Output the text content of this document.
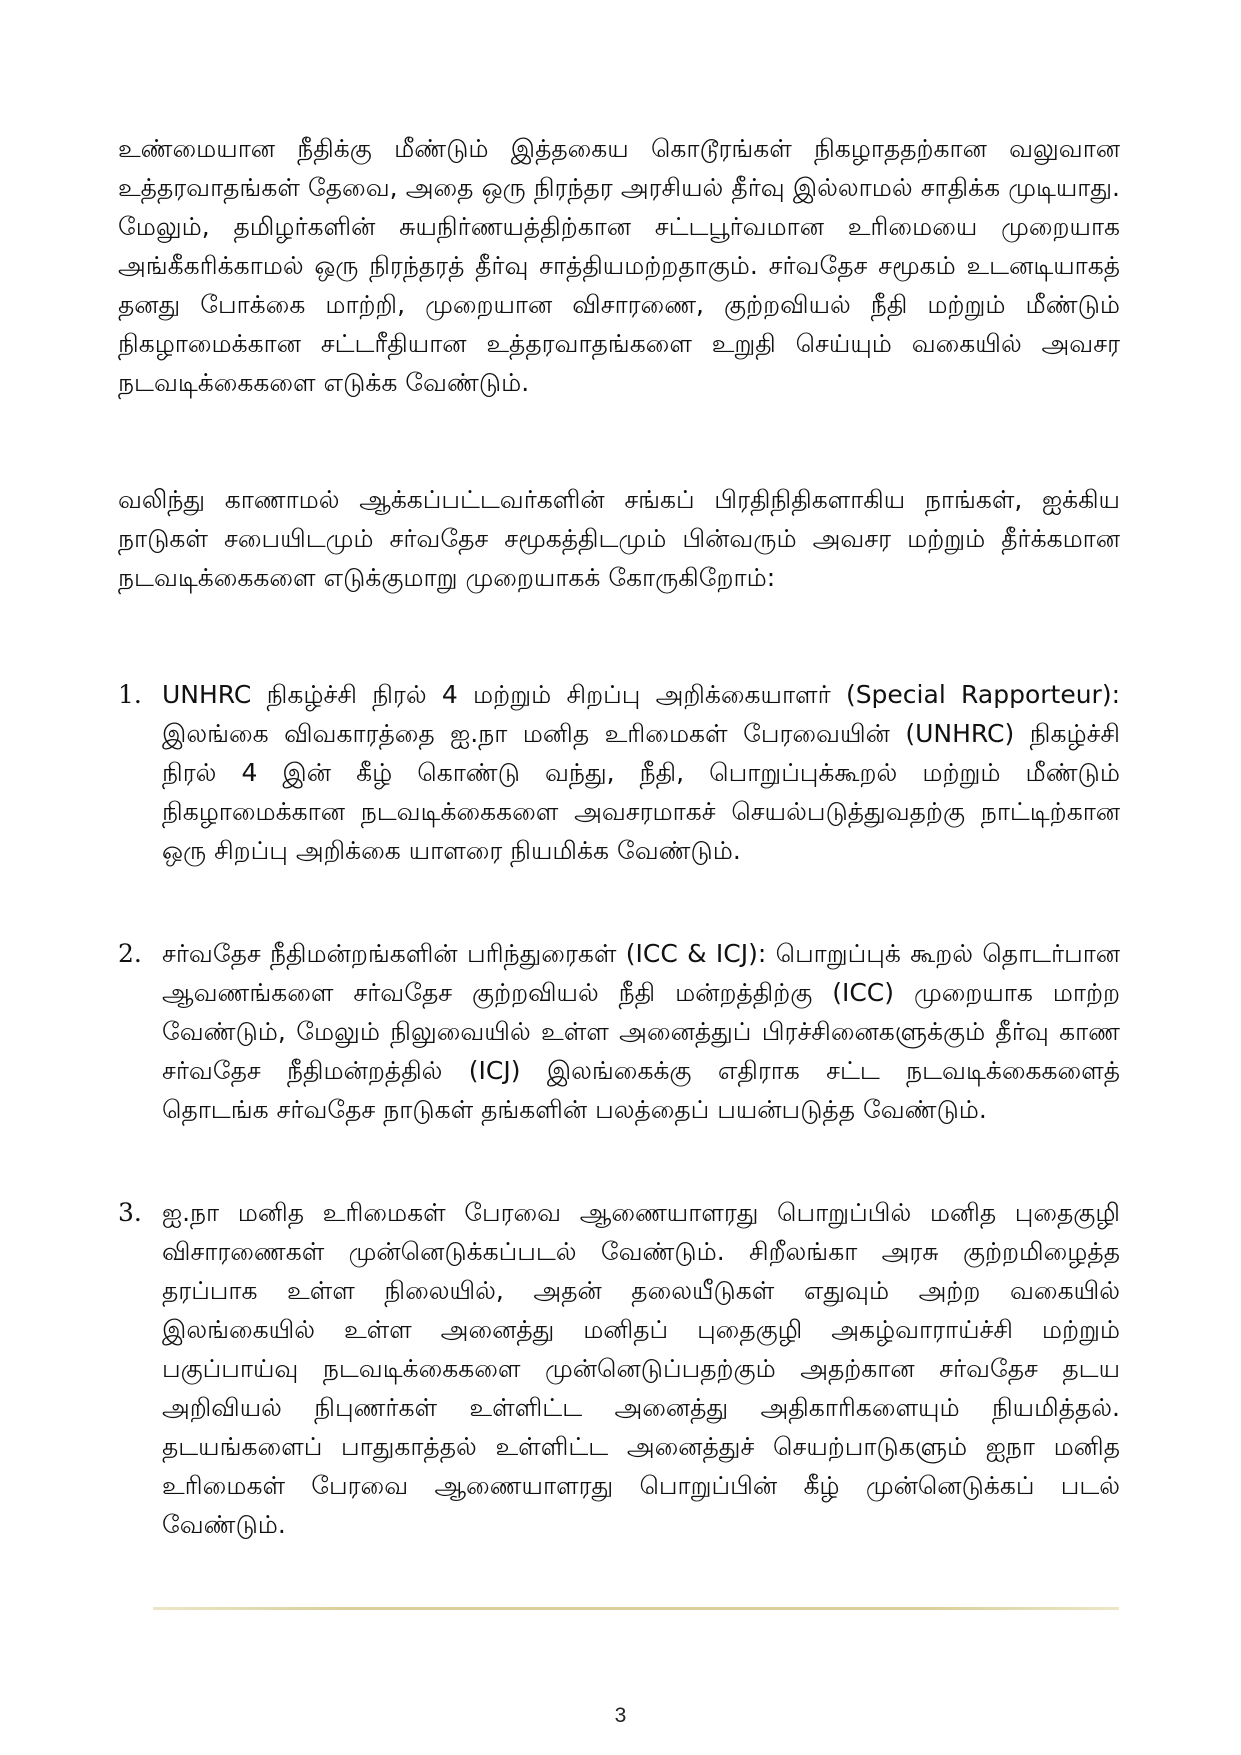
உண்மையான நீதிக்கு மீண்டும் இத்தகைய கொடூரங்கள் நிகழாததற்கான வலுவான உத்தரவாதங்கள் தேவை, அதை ஒரு நிரந்தர அரசியல் தீர்வு இல்லாமல் சாதிக்க முடியாது. மேலும், தமிழர்களின் சுயநிர்ணயத்திற்கான சட்டபூர்வமான உரிமையை முறையாக அங்கீகரிக்காமல் ஒரு நிரந்தரத் தீர்வு சாத்தியமற்றதாகும். சர்வதேச சமூகம் உடனடியாகத் தனது போக்கை மாற்றி, முறையான விசாரணை, குற்றவியல் நீதி மற்றும் மீண்டும் நிகழாமைக்கான சட்டரீதியான உத்தரவாதங்களை உறுதி செய்யும் வகையில் அவசர நடவடிக்கைகளை எடுக்க வேண்டும்.

வலிந்து காணாமல் ஆக்கப்பட்டவர்களின் சங்கப் பிரதிநிதிகளாகிய நாங்கள், ஐக்கிய நாடுகள் சபையிடமும் சர்வதேச சமூகத்திடமும் பின்வரும் அவசர மற்றும் தீர்க்கமான நடவடிக்கைகளை எடுக்குமாறு முறையாகக் கோருகிறோம்:

1. UNHRC நிகழ்ச்சி நிரல் 4 மற்றும் சிறப்பு அறிக்கையாளர் (Special Rapporteur): இலங்கை விவகாரத்தை ஐ.நா மனித உரிமைகள் பேரவையின் (UNHRC) நிகழ்ச்சி நிரல் 4 இன் கீழ் கொண்டு வந்து, நீதி, பொறுப்புக்கூறல் மற்றும் மீண்டும் நிகழாமைக்கான நடவடிக்கைகளை அவசரமாகச் செயல்படுத்துவதற்கு நாட்டிற்கான ஒரு சிறப்பு அறிக்கை யாளரை நியமிக்க வேண்டும்.
2. சர்வதேச நீதிமன்றங்களின் பரிந்துரைகள் (ICC & ICJ): பொறுப்புக் கூறல் தொடர்பான ஆவணங்களை சர்வதேச குற்றவியல் நீதி மன்றத்திற்கு (ICC) முறையாக மாற்ற வேண்டும், மேலும் நிலுவையில் உள்ள அனைத்துப் பிரச்சினைகளுக்கும் தீர்வு காண சர்வதேச நீதிமன்றத்தில் (ICJ) இலங்கைக்கு எதிராக சட்ட நடவடிக்கைகளைத் தொடங்க சர்வதேச நாடுகள் தங்களின் பலத்தைப் பயன்படுத்த வேண்டும்.
3. ஐ.நா மனித உரிமைகள் பேரவை ஆணையாளரது பொறுப்பில் மனித புதைகுழி விசாரணைகள் முன்னெடுக்கப்படல் வேண்டும். சிறீலங்கா அரசு குற்றமிழைத்த தரப்பாக உள்ள நிலையில், அதன் தலையீடுகள் எதுவும் அற்ற வகையில் இலங்கையில் உள்ள அனைத்து மனிதப் புதைகுழி அகழ்வாராய்ச்சி மற்றும் பகுப்பாய்வு நடவடிக்கைகளை முன்னெடுப்பதற்கும் அதற்கான சர்வதேச தடய அறிவியல் நிபுணர்கள் உள்ளிட்ட அனைத்து அதிகாரிகளையும் நியமித்தல். தடயங்களைப் பாதுகாத்தல் உள்ளிட்ட அனைத்துச் செயற்பாடுகளும் ஐநா மனித உரிமைகள் பேரவை ஆணையாளரது பொறுப்பின் கீழ் முன்னெடுக்கப் படல் வேண்டும்.
3
